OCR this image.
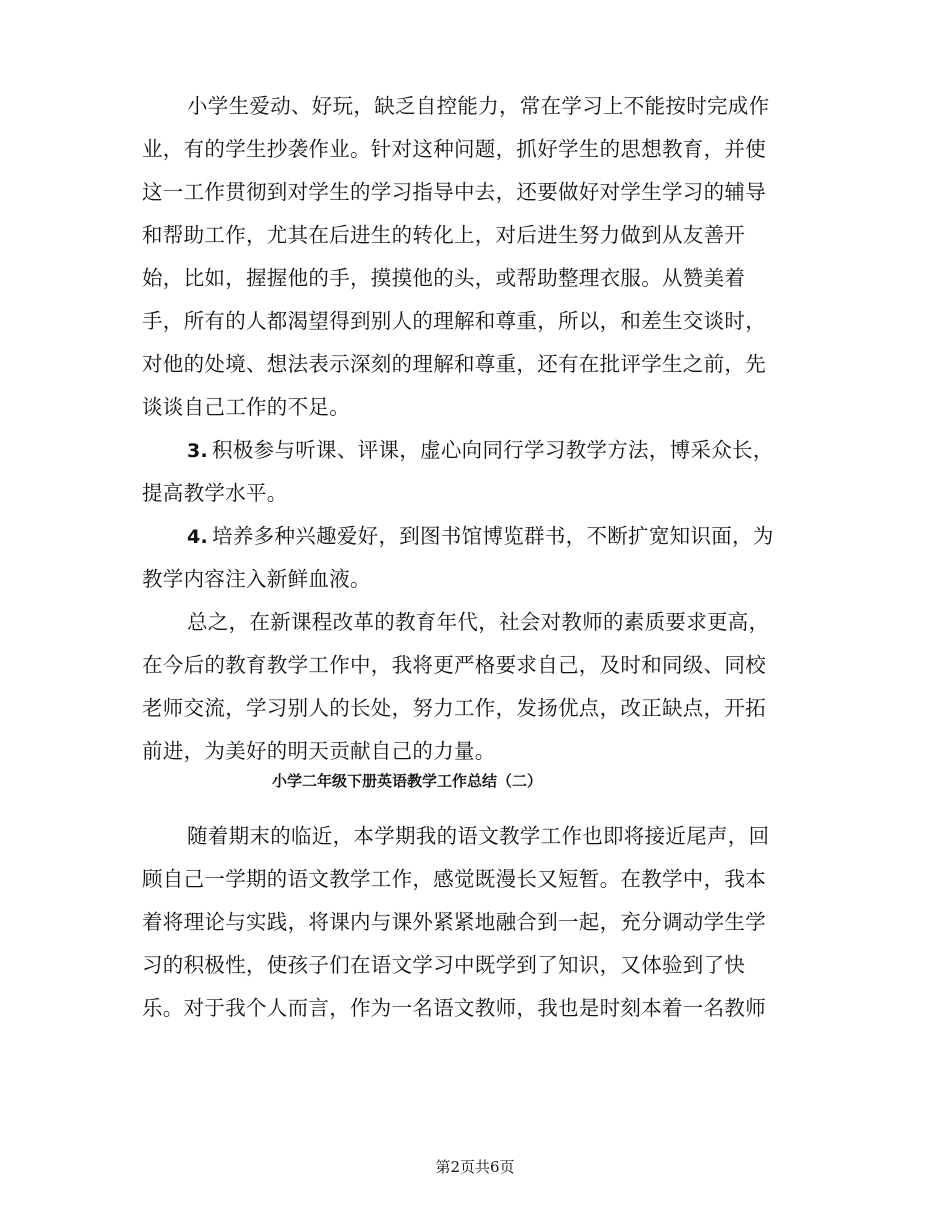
小学生爱动、好玩，缺乏自控能力，常在学习上不能按时完成作
业，有的学生抄袭作业。针对这种问题，抓好学生的思想教育，并使
这一工作贯彻到对学生的学习指导中去，还要做好对学生学习的辅导
和帮助工作，尤其在后进生的转化上，对后进生努力做到从友善开
始，比如，握握他的手，摸摸他的头，或帮助整理衣服。从赞美着
手，所有的人都渴望得到别人的理解和尊重，所以，和差生交谈时，
对他的处境、想法表示深刻的理解和尊重，还有在批评学生之前，先
谈谈自己工作的不足。
3. 积极参与听课、评课，虚心向同行学习教学方法，博采众长，
提高教学水平。
4. 培养多种兴趣爱好，到图书馆博览群书，不断扩宽知识面，为
教学内容注入新鲜血液。
总之，在新课程改革的教育年代，社会对教师的素质要求更高，
在今后的教育教学工作中，我将更严格要求自己，及时和同级、同校
老师交流，学习别人的长处，努力工作，发扬优点，改正缺点，开拓
前进，为美好的明天贡献自己的力量。
小学二年级下册英语教学工作总结（二）
随着期末的临近，本学期我的语文教学工作也即将接近尾声，回
顾自己一学期的语文教学工作，感觉既漫长又短暂。在教学中，我本
着将理论与实践，将课内与课外紧紧地融合到一起，充分调动学生学
习的积极性，使孩子们在语文学习中既学到了知识，又体验到了快
乐。对于我个人而言，作为一名语文教师，我也是时刻本着一名教师
第2页共6页
